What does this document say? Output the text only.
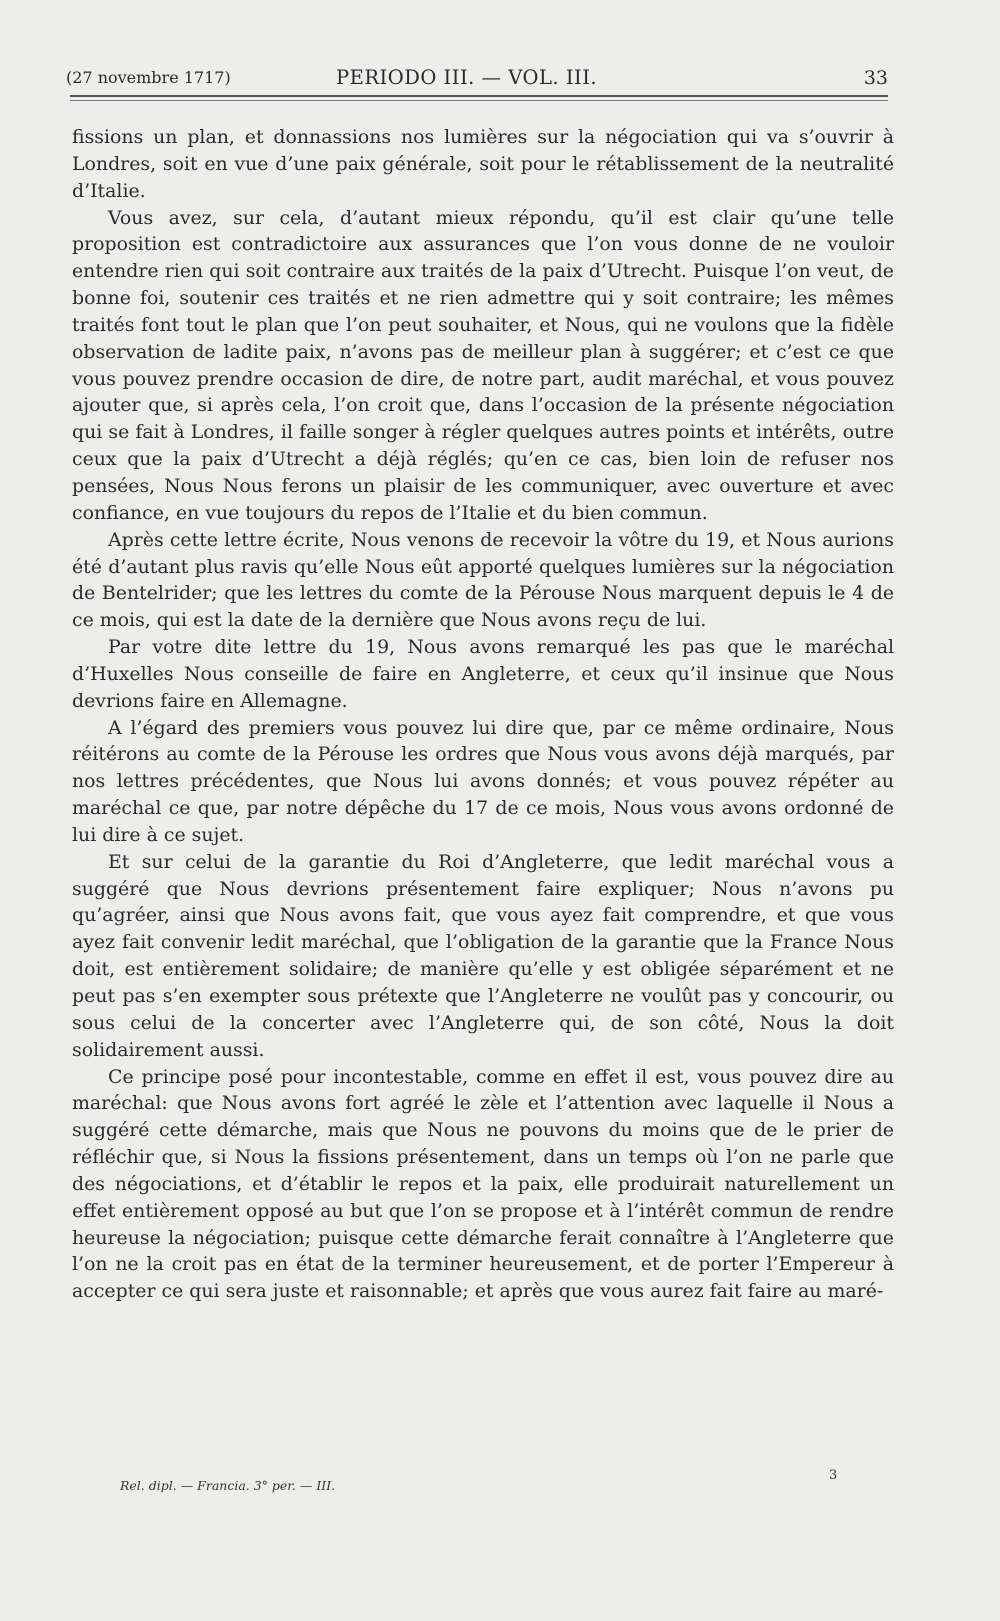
(27 novembre 1717)	PERIODO III. — VOL. III.	33

fissions un plan, et donnassions nos lumières sur la négociation qui va s’ouvrir à Londres, soit en vue d’une paix générale, soit pour le rétablissement de la neutralité d’Italie.

Vous avez, sur cela, d’autant mieux répondu, qu’il est clair qu’une telle proposition est contradictoire aux assurances que l’on vous donne de ne vouloir entendre rien qui soit contraire aux traités de la paix d’Utrecht. Puisque l’on veut, de bonne foi, soutenir ces traités et ne rien admettre qui y soit contraire; les mêmes traités font tout le plan que l’on peut souhaiter, et Nous, qui ne voulons que la fidèle observation de ladite paix, n’avons pas de meilleur plan à suggérer; et c’est ce que vous pouvez prendre occasion de dire, de notre part, audit maréchal, et vous pouvez ajouter que, si après cela, l’on croit que, dans l’occasion de la présente négociation qui se fait à Londres, il faille songer à régler quelques autres points et intérêts, outre ceux que la paix d’Utrecht a déjà réglés; qu’en ce cas, bien loin de refuser nos pensées, Nous Nous ferons un plaisir de les communiquer, avec ouverture et avec confiance, en vue toujours du repos de l’Italie et du bien commun.

Après cette lettre écrite, Nous venons de recevoir la vôtre du 19, et Nous aurions été d’autant plus ravis qu’elle Nous eût apporté quelques lumières sur la négociation de Bentelrider; que les lettres du comte de la Pérouse Nous marquent depuis le 4 de ce mois, qui est la date de la dernière que Nous avons reçu de lui.

Par votre dite lettre du 19, Nous avons remarqué les pas que le maréchal d’Huxelles Nous conseille de faire en Angleterre, et ceux qu’il insinue que Nous devrions faire en Allemagne.

A l’égard des premiers vous pouvez lui dire que, par ce même ordinaire, Nous réitérons au comte de la Pérouse les ordres que Nous vous avons déjà marqués, par nos lettres précédentes, que Nous lui avons donnés; et vous pouvez répéter au maréchal ce que, par notre dépêche du 17 de ce mois, Nous vous avons ordonné de lui dire à ce sujet.

Et sur celui de la garantie du Roi d’Angleterre, que ledit maréchal vous a suggéré que Nous devrions présentement faire expliquer; Nous n’avons pu qu’agréer, ainsi que Nous avons fait, que vous ayez fait comprendre, et que vous ayez fait convenir ledit maréchal, que l’obligation de la garantie que la France Nous doit, est entièrement solidaire; de manière qu’elle y est obligée séparément et ne peut pas s’en exempter sous prétexte que l’Angleterre ne voulût pas y concourir, ou sous celui de la concerter avec l’Angleterre qui, de son côté, Nous la doit solidairement aussi.

Ce principe posé pour incontestable, comme en effet il est, vous pouvez dire au maréchal: que Nous avons fort agréé le zèle et l’attention avec laquelle il Nous a suggéré cette démarche, mais que Nous ne pouvons du moins que de le prier de réfléchir que, si Nous la fissions présentement, dans un temps où l’on ne parle que des négociations, et d’établir le repos et la paix, elle produirait naturellement un effet entièrement opposé au but que l’on se propose et à l’intérêt commun de rendre heureuse la négociation; puisque cette démarche ferait connaître à l’Angleterre que l’on ne la croit pas en état de la terminer heureusement, et de porter l’Empereur à accepter ce qui sera juste et raisonnable; et après que vous aurez fait faire au maré-

Rel. dipl. — Francia. 3° per. — III.
3
